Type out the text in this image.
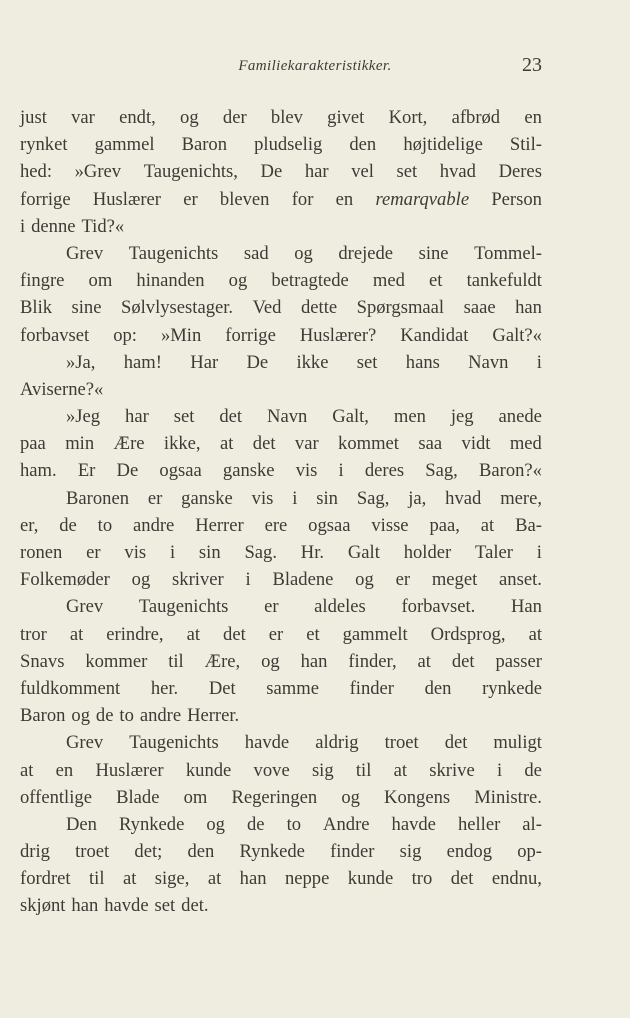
Familiekarakteristikker.	23
just var endt, og der blev givet Kort, afbrød en
rynket gammel Baron pludselig den højtidelige Stil-
hed: »Grev Taugenichts, De har vel set hvad Deres
forrige Huslærer er bleven for en remarqvable Person
i denne Tid?«
Grev Taugenichts sad og drejede sine Tommel-
fingre om hinanden og betragtede med et tankefuldt
Blik sine Sølvlysestager. Ved dette Spørgsmaal saae han
forbavset op: »Min forrige Huslærer? Kandidat Galt?«
»Ja, ham! Har De ikke set hans Navn i
Aviserne?«
»Jeg har set det Navn Galt, men jeg anede
paa min Ære ikke, at det var kommet saa vidt med
ham. Er De ogsaa ganske vis i deres Sag, Baron?«
Baronen er ganske vis i sin Sag, ja, hvad mere,
er, de to andre Herrer ere ogsaa visse paa, at Ba-
ronen er vis i sin Sag. Hr. Galt holder Taler i
Folkemøder og skriver i Bladene og er meget anset.
Grev Taugenichts er aldeles forbavset. Han
tror at erindre, at det er et gammelt Ordsprog, at
Snavs kommer til Ære, og han finder, at det passer
fuldkomment her. Det samme finder den rynkede
Baron og de to andre Herrer.
Grev Taugenichts havde aldrig troet det muligt
at en Huslærer kunde vove sig til at skrive i de
offentlige Blade om Regeringen og Kongens Ministre.
Den Rynkede og de to Andre havde heller al-
drig troet det; den Rynkede finder sig endog op-
fordret til at sige, at han neppe kunde tro det endnu,
skjønt han havde set det.
